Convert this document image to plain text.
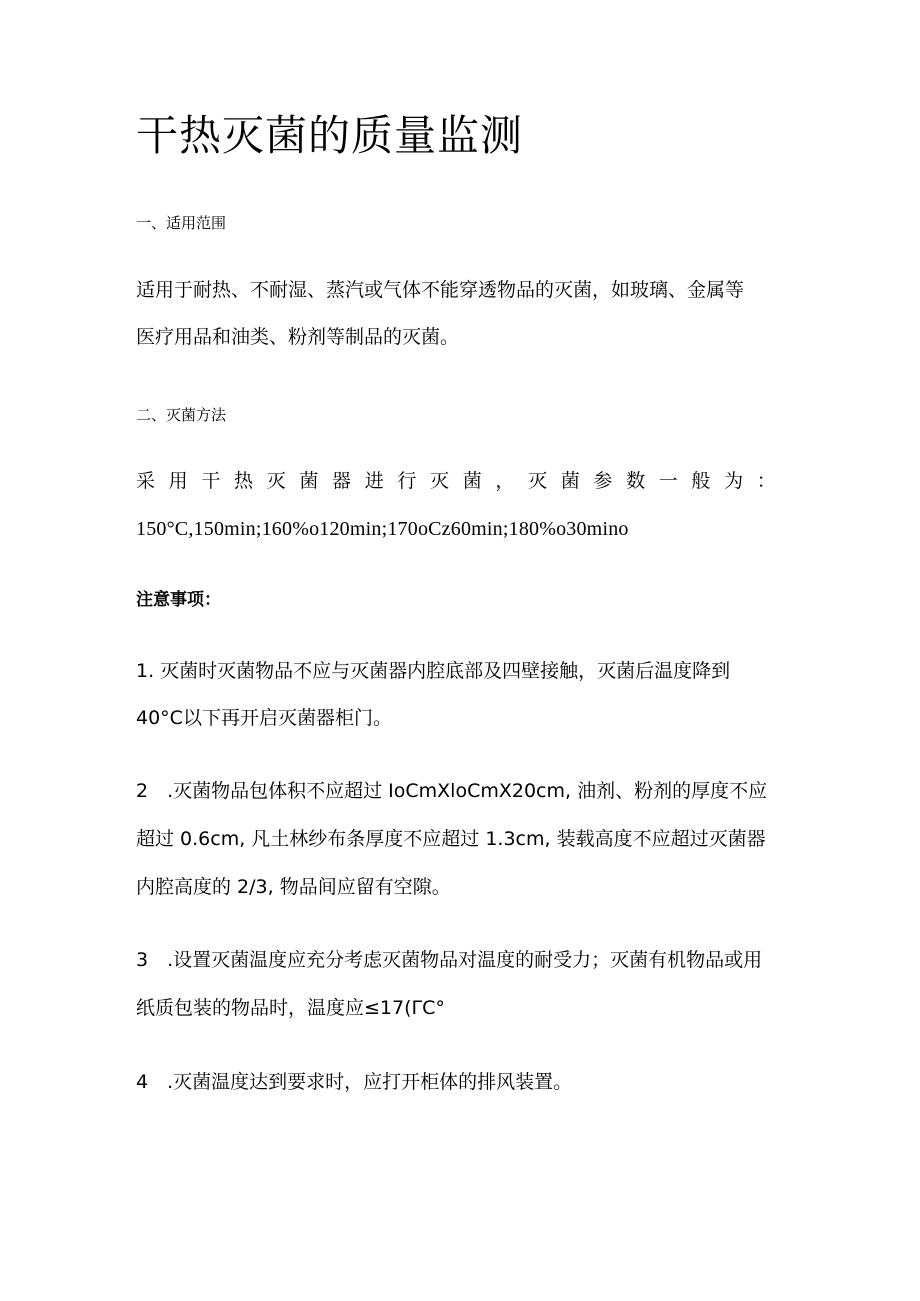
干热灭菌的质量监测
一、适用范围
适用于耐热、不耐湿、蒸汽或气体不能穿透物品的灭菌，如玻璃、金属等
医疗用品和油类、粉剂等制品的灭菌。
二、灭菌方法
采 用 干 热 灭 菌 器 进 行 灭 菌 ， 灭 菌 参 数 一 般 为 ：
150°C,150min;160%o120min;170oCz60min;180%o30mino
注意事项：
1. 灭菌时灭菌物品不应与灭菌器内腔底部及四壁接触，灭菌后温度降到
40°C以下再开启灭菌器柜门。
2　.灭菌物品包体积不应超过 IoCmXloCmX20cm, 油剂、粉剂的厚度不应
超过 0.6cm, 凡土林纱布条厚度不应超过 1.3cm, 装载高度不应超过灭菌器
内腔高度的 2/3, 物品间应留有空隙。
3　.设置灭菌温度应充分考虑灭菌物品对温度的耐受力；灭菌有机物品或用
纸质包装的物品时，温度应≤17(ΓC°
4　.灭菌温度达到要求时，应打开柜体的排风装置。
